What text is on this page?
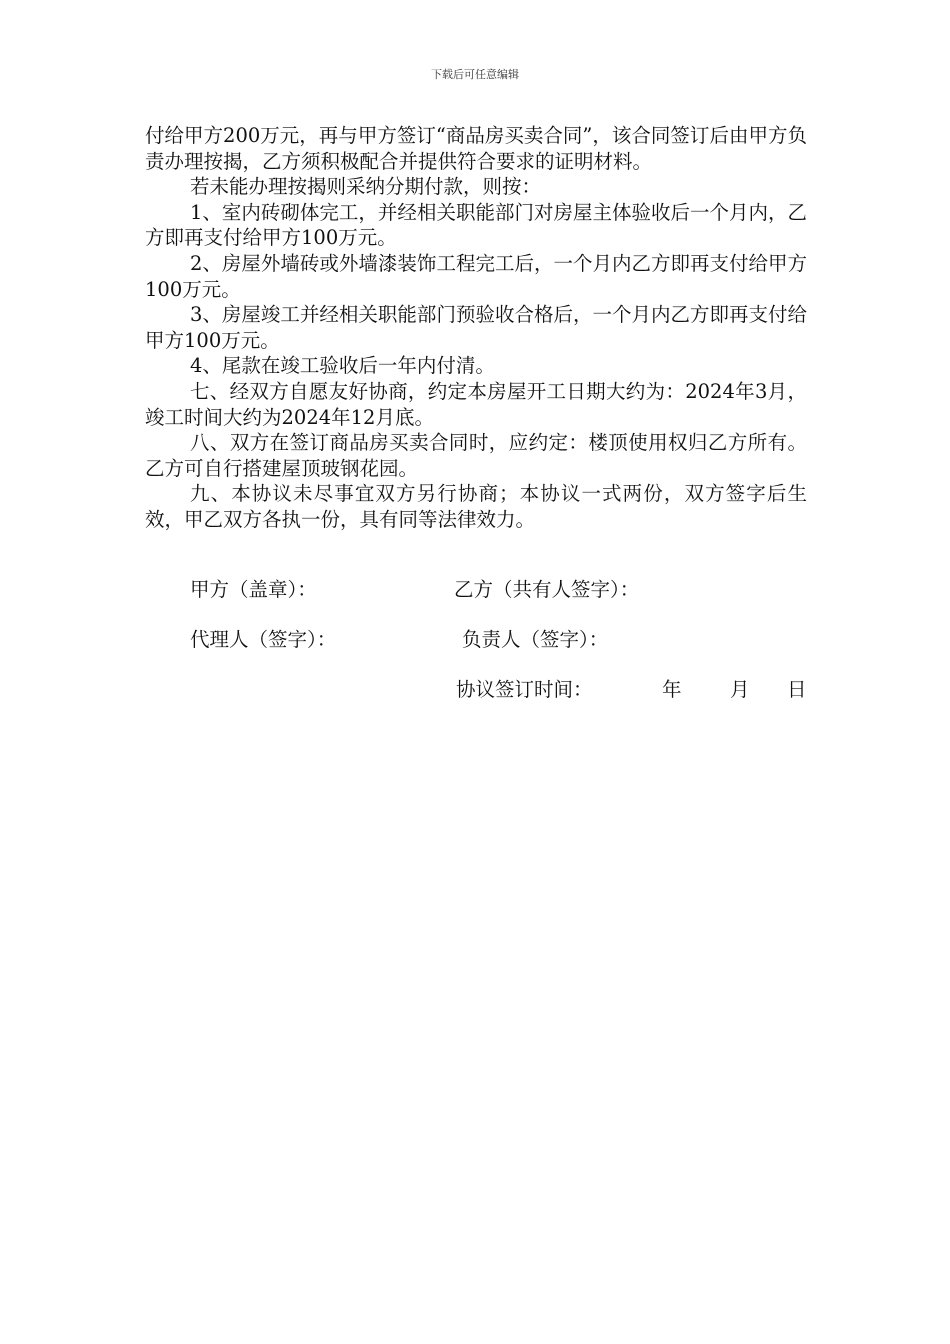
下载后可任意编辑

付给甲方200万元，再与甲方签订“商品房买卖合同”，该合同签订后由甲方负责办理按揭，乙方须积极配合并提供符合要求的证明材料。

若未能办理按揭则采纳分期付款，则按：

1、室内砖砌体完工，并经相关职能部门对房屋主体验收后一个月内，乙方即再支付给甲方100万元。

2、房屋外墙砖或外墙漆装饰工程完工后，一个月内乙方即再支付给甲方100万元。

3、房屋竣工并经相关职能部门预验收合格后，一个月内乙方即再支付给甲方100万元。

4、尾款在竣工验收后一年内付清。

七、经双方自愿友好协商，约定本房屋开工日期大约为：2024年3月，竣工时间大约为2024年12月底。

八、双方在签订商品房买卖合同时，应约定：楼顶使用权归乙方所有。乙方可自行搭建屋顶玻钢花园。

九、本协议未尽事宜双方另行协商；本协议一式两份，双方签字后生效，甲乙双方各执一份，具有同等法律效力。

甲方（盖章）：	乙方（共有人签字）：
代理人（签字）：	负责人（签字）：
协议签订时间：	年 月 日
